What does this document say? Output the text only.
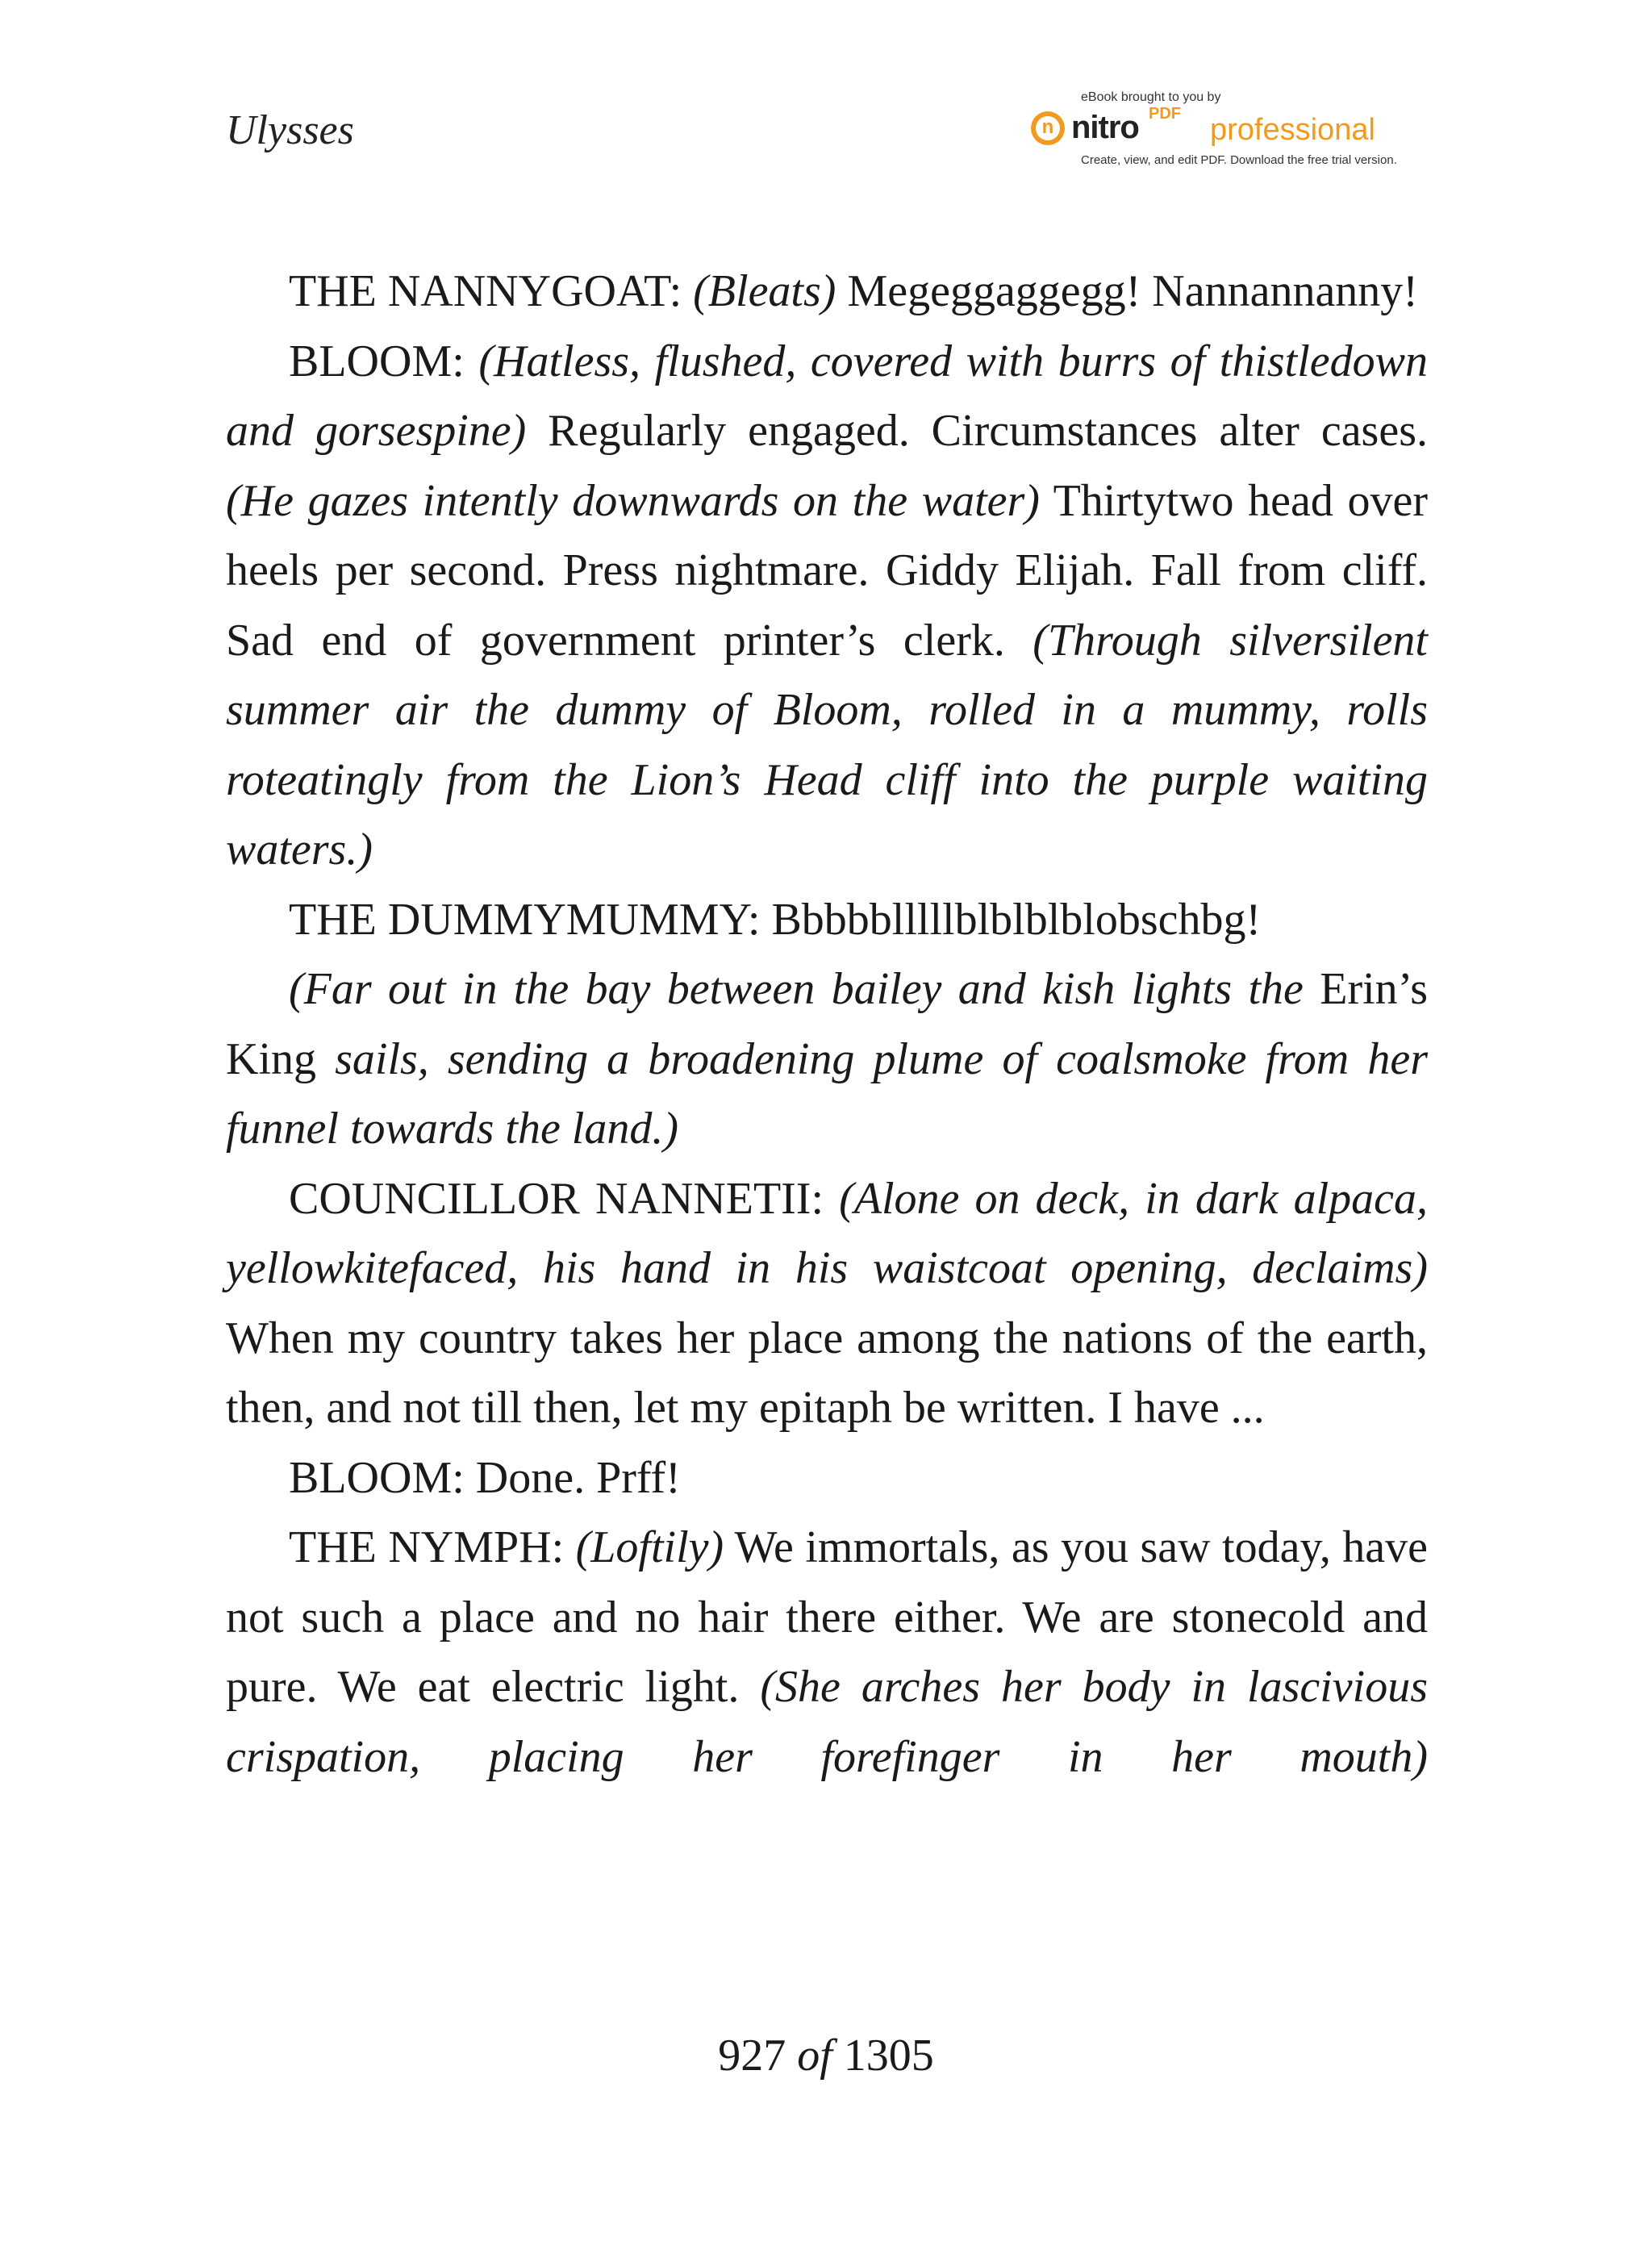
Ulysses
eBook brought to you by
n nitro PDF professional
Create, view, and edit PDF. Download the free trial version.

THE NANNYGOAT: (Bleats) Megeggaggegg! Nannannanny!

BLOOM: (Hatless, flushed, covered with burrs of thistledown and gorsespine) Regularly engaged. Circumstances alter cases. (He gazes intently downwards on the water) Thirtytwo head over heels per second. Press nightmare. Giddy Elijah. Fall from cliff. Sad end of government printer’s clerk. (Through silversilent summer air the dummy of Bloom, rolled in a mummy, rolls roteatingly from the Lion’s Head cliff into the purple waiting waters.)

THE DUMMYMUMMY: Bbbbblllllblblblblobschbg!

(Far out in the bay between bailey and kish lights the Erin’s King sails, sending a broadening plume of coalsmoke from her funnel towards the land.)

COUNCILLOR NANNETII: (Alone on deck, in dark alpaca, yellowkitefaced, his hand in his waistcoat opening, declaims) When my country takes her place among the nations of the earth, then, and not till then, let my epitaph be written. I have ...

BLOOM: Done. Prff!

THE NYMPH: (Loftily) We immortals, as you saw today, have not such a place and no hair there either. We are stonecold and pure. We eat electric light. (She arches her body in lascivious crispation, placing her forefinger in her mouth)

927 of 1305
